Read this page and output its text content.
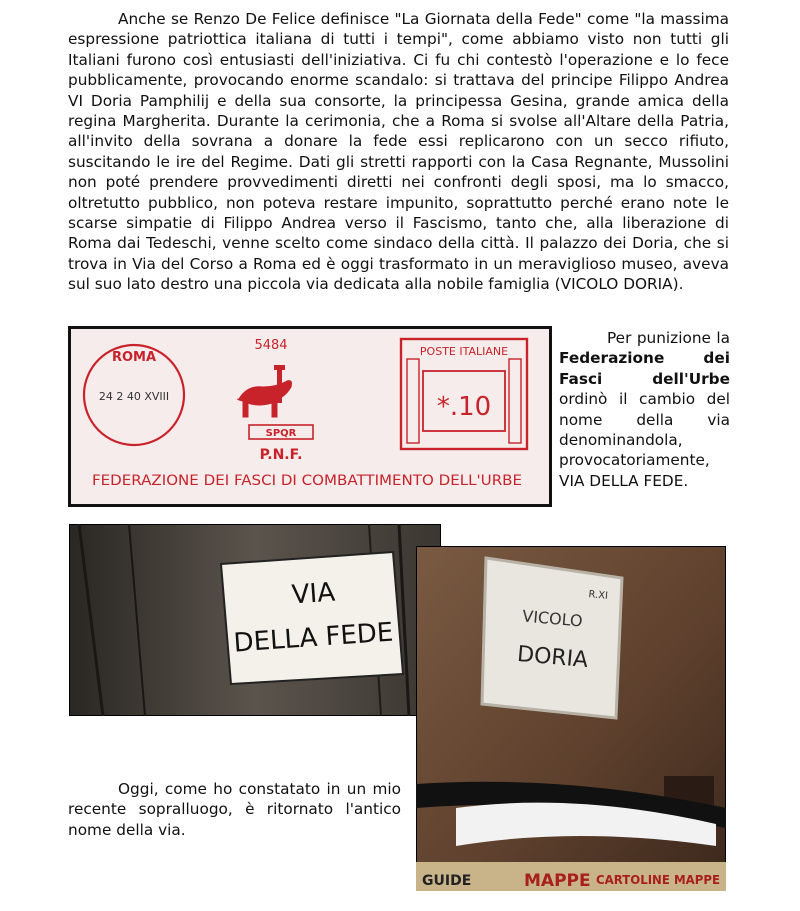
Anche se Renzo De Felice definisce "La Giornata della Fede" come "la massima espressione patriottica italiana di tutti i tempi", come abbiamo visto non tutti gli Italiani furono così entusiasti dell'iniziativa. Ci fu chi contestò l'operazione e lo fece pubblicamente, provocando enorme scandalo: si trattava del principe Filippo Andrea VI Doria Pamphilij e della sua consorte, la principessa Gesina, grande amica della regina Margherita. Durante la cerimonia, che a Roma si svolse all'Altare della Patria, all'invito della sovrana a donare la fede essi replicarono con un secco rifiuto, suscitando le ire del Regime. Dati gli stretti rapporti con la Casa Regnante, Mussolini non poté prendere provvedimenti diretti nei confronti degli sposi, ma lo smacco, oltretutto pubblico, non poteva restare impunito, soprattutto perché erano note le scarse simpatie di Filippo Andrea verso il Fascismo, tanto che, alla liberazione di Roma dai Tedeschi, venne scelto come sindaco della città. Il palazzo dei Doria, che si trova in Via del Corso a Roma ed è oggi trasformato in un meraviglioso museo, aveva sul suo lato destro una piccola via dedicata alla nobile famiglia (VICOLO DORIA).

ROMA
24 2 40 XVIII
5484
SPQR
P.N.F.
POSTE ITALIANE
*.10
FEDERAZIONE DEI FASCI DI COMBATTIMENTO DELL'URBE

Per punizione la Federazione dei Fasci dell'Urbe ordinò il cambio del nome della via denominandola, provocatoriamente, VIA DELLA FEDE.

VIA
DELLA FEDE	VICOLO
DORIA
R.XI
GUIDE	MAPPE CARTOLINE MAPPE

Oggi, come ho constatato in un mio recente sopralluogo, è ritornato l'antico nome della via.
